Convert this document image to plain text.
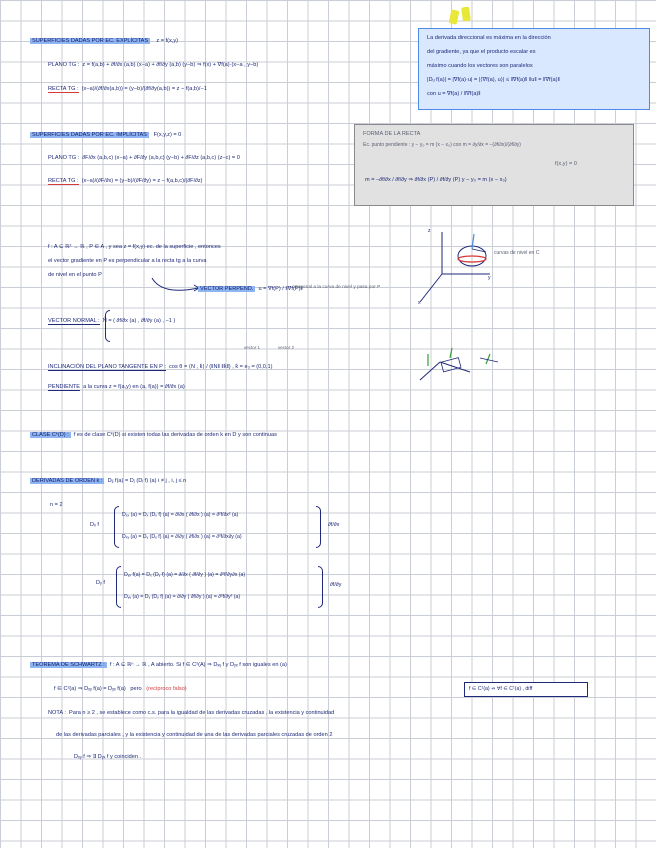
SUPERFICIES DADAS POR EC. EXPLÍCITAS z = f(x,y)
PLANO TG : z = f(a,b) + ∂f/∂x (a,b) (x−a) + ∂f/∂y (a,b) (y−b) ⇒ f(x) + ∇f(a)·(x−a , y−b)
RECTA TG : (x−a)/(∂f/∂x(a,b)) = (y−b)/(∂f/∂y(a,b)) = z − f(a,b)/−1
La derivada direccional es máxima en la dirección
del gradiente, ya que el producto escalar es
máximo cuando los vectores son paralelos
|Dᵤ f(a)| = |∇f(a)·u| = |⟨∇f(a), u⟩| ≤ ‖∇f(a)‖ ‖u‖ = ‖∇f(a)‖
con u = ∇f(a) / ‖∇f(a)‖
SUPERFICIES DADAS POR EC. IMPLÍCITAS F(x,y,z) = 0
PLANO TG : ∂F/∂x (a,b,c) (x−a) + ∂F/∂y (a,b,c) (y−b) + ∂F/∂z (a,b,c) (z−c) = 0
RECTA TG : (x−a)/(∂F/∂x) = (y−b)/(∂F/∂y) = z − f(a,b,c)/(∂F/∂z)
FORMA DE LA RECTA
Ec. punto pendiente : y − y₀ = m (x − x₀) con m = ∂y/∂x = −(∂f/∂x)/(∂f/∂y)
f(x,y) = 0
m = −∂f/∂x / ∂f/∂y ⇒ ∂f/∂x (P) / ∂f/∂y (P) y − y₀ = m (x − x₀)
f : A ⊆ ℝ² → ℝ , P ∈ A , y sea z = f(x,y) ec. de la superficie , entonces
el vector gradiente en P es perpendicular a la recta tg a la curva
de nivel en el punto P
VECTOR PERPEND. u = ∇f(P) / ‖∇f(P)‖
ortogonal a la curva de nivel y pasa por P
VECTOR NORMAL : N̂ = ( ∂f/∂x (a) , ∂f/∂y (a) , −1 )
vector 1	vector 2
INCLINACIÓN DEL PLANO TANGENTE EN P : cos θ = ⟨N , k̂⟩ / (‖N‖ ‖k̂‖) , k̂ = e₃ = (0,0,1)
PENDIENTE a la curva z = f(a,y) en (a, f(a)) = ∂f/∂x (a)
z
x
y
curvas de nivel en C
CLASE Cᵏ(D) : f es de clase Cᵏ(D) si existen todas las derivadas de orden k en D y son continuas
DERIVADAS DE ORDEN k : Dᵢⱼ f(a) = Dⱼ (Dᵢ f) (a) i ≠ j , i, j ≤ n
n = 2
Dₓ f
Dₓₓ (a) = Dₓ (Dₓ f) (a) = ∂/∂x ( ∂f/∂x ) (a) = ∂²f/∂x² (a)
Dₓᵧ (a) = Dᵧ (Dₓ f) (a) = ∂/∂y ( ∂f/∂x ) (a) = ∂²f/∂x∂y (a)
∂f/∂x
Dᵧ f
Dᵧₓ f(a) = Dₓ (Dᵧ f) (a) = ∂/∂x ( ∂f/∂y ) (a) = ∂²f/∂y∂x (a)
Dᵧᵧ (a) = Dᵧ (Dᵧ f) (a) = ∂/∂y ( ∂f/∂y ) (a) = ∂²f/∂y² (a)
∂f/∂y
TEOREMA DE SCHWARTZ : f : A ⊆ ℝⁿ → ℝ , A abierto. Si f ∈ C²(A) ⇒ Dₓᵧ f y Dᵧₓ f son iguales en (a)
f ∈ C²(a) ⇒ Dₓᵧ f(a) = Dᵧₓ f(a) pero (recíproco falso)	f ∈ C¹(a) ⇏ ∀f ∈ C¹(a) , diff
NOTA : Para n ≥ 2 , se establece como c.s. para la igualdad de las derivadas cruzadas , la existencia y continuidad
de las derivadas parciales , y la existencia y continuidad de una de las derivadas parciales cruzadas de orden 2
Dₓᵧ f ⇒ ∃ Dᵧₓ f y coinciden .
